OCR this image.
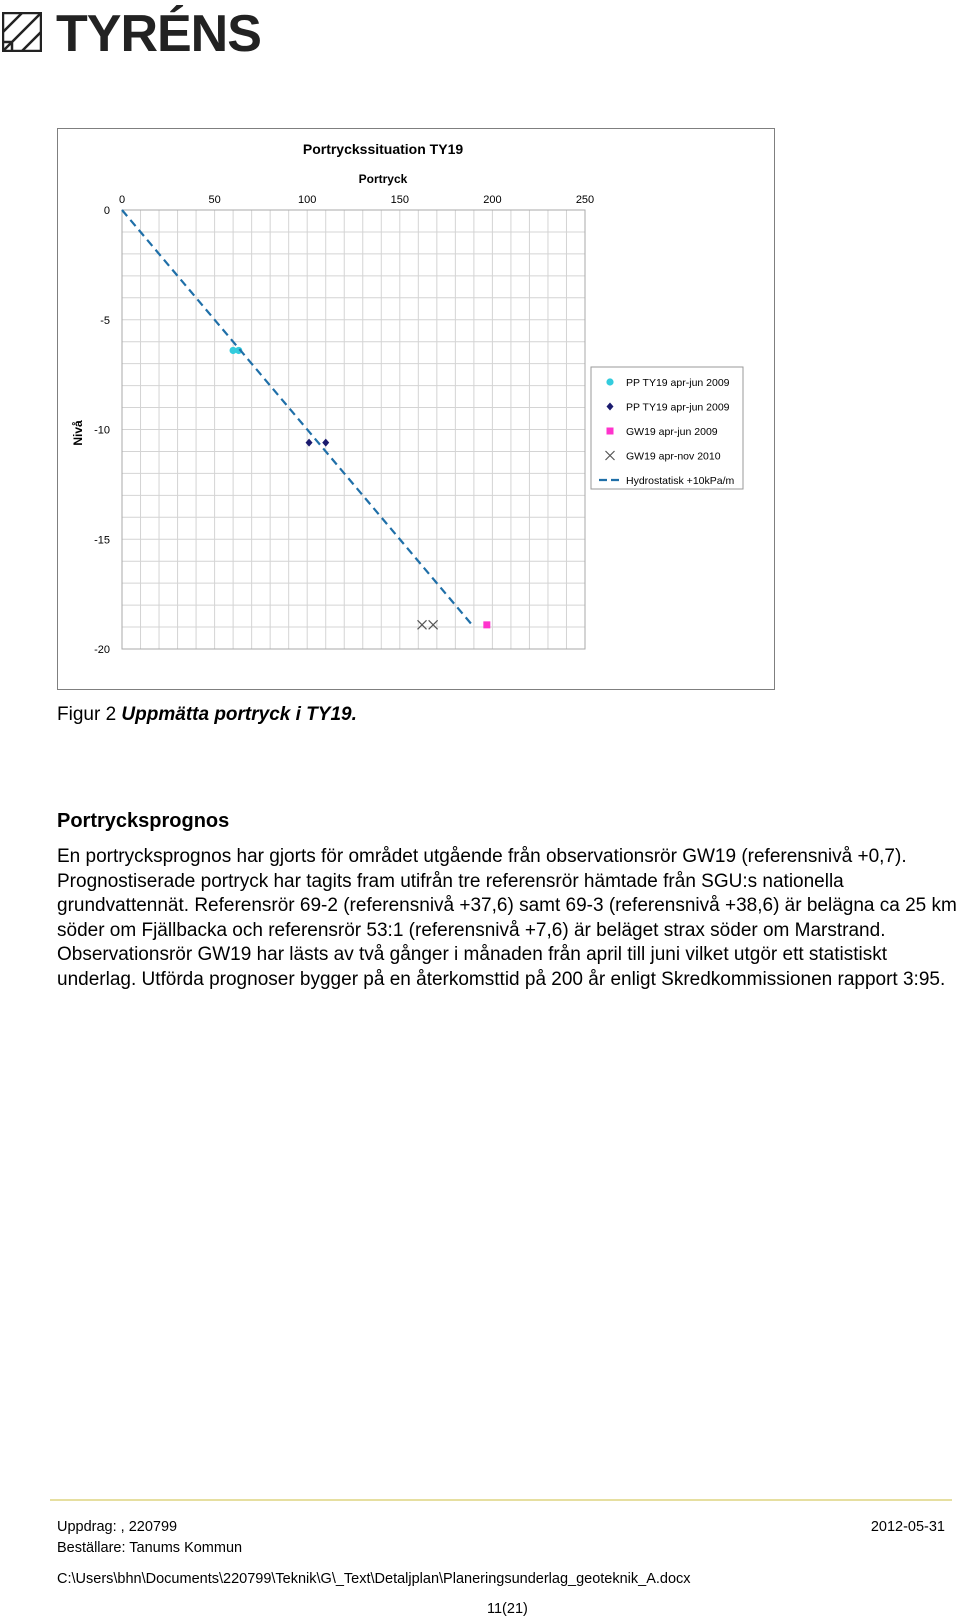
TYRÉNS
Portryckssituation TY19
Portryck
Nivå
0	50	100	150	200	250
0
-5
-10
-15
-20
PP TY19 apr-jun 2009
PP TY19 apr-jun 2009
GW19 apr-jun 2009
GW19 apr-nov 2010
Hydrostatisk +10kPa/m
Figur 2 Uppmätta portryck i TY19.
Portrycksprognos
En portrycksprognos har gjorts för området utgående från observationsrör GW19 (referensnivå +0,7). Prognostiserade portryck har tagits fram utifrån tre referensrör hämtade från SGU:s nationella grundvattennät. Referensrör 69-2 (referensnivå +37,6) samt 69-3 (referensnivå +38,6) är belägna ca 25 km söder om Fjällbacka och referensrör 53:1 (referensnivå +7,6) är beläget strax söder om Marstrand. Observationsrör GW19 har lästs av två gånger i månaden från april till juni vilket utgör ett statistiskt underlag. Utförda prognoser bygger på en återkomsttid på 200 år enligt Skredkommissionen rapport 3:95.
Uppdrag: , 220799	2012-05-31
Beställare: Tanums Kommun
C:\Users\bhn\Documents\220799\Teknik\G\_Text\Detaljplan\Planeringsunderlag_geoteknik_A.docx
11(21)
